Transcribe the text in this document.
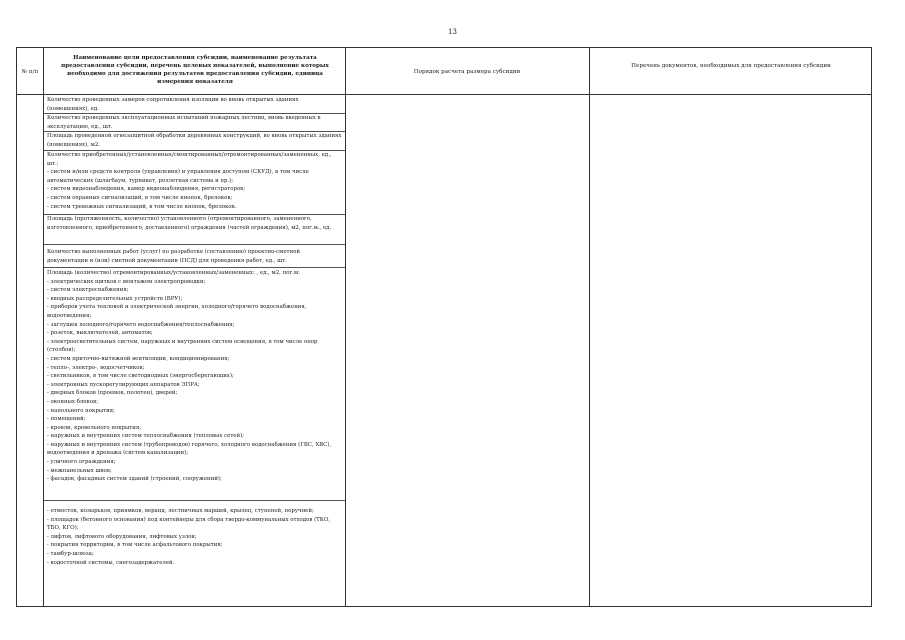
13
№ п/п
Наименование цели предоставления субсидии, наименование результата предоставления субсидии, перечень целевых показателей, выполнение которых необходимо для достижения результатов предоставления субсидии, единица измерения показателя
Порядок расчета размера субсидии
Перечень документов, необходимых для предоставления субсидии
Количество проведенных замеров сопротивления изоляции во вновь открытых зданиях (помещениях), ед.
Количество проведенных эксплуатационных испытаний пожарных лестниц, вновь введенных в эксплуатацию, ед., шт.
Площадь проведенной огнезащитной обработки деревянных конструкций, во вновь открытых зданиях (помещениях), м2.
Количество приобретенных/установленных/смонтированных/отремонтированных/замененных, ед., шт.:
- систем и/или средств контроля (управления) и управления доступом (СКУД), в том числе автоматических (шлагбаум, турникет, роллетная система и пр.);
- систем видеонаблюдения, камер видеонаблюдения, регистраторов;
- систем охранных сигнализаций, в том числе кнопок, брелоков;
- систем тревожных сигнализаций, в том числе кнопок, брелоков.
Площадь (протяженность, количество) установленного (отремонтированного, замененного, изготовленного, приобретенного, доставленного) ограждения (частей ограждения), м2, пог.м., ед.
Количество выполненных работ (услуг) по разработке (составлению) проектно-сметной документации и (или) сметной документации (ПСД) для проведения работ, ед., шт.
Площадь (количество) отремонтированных/установленных/замененных: , ед., м2, пог.м:
- электрических щитков с монтажом электропроводки;
- систем электроснабжения;
- вводных распределительных устройств (ВРУ);
- приборов учета тепловой и электрической энергии, холодного/горячего водоснабжения, водоотведения;
- заглушек холодного/горячего водоснабжения/теплоснабжения;
- розеток, выключателей, автоматов;
- электроосветительных систем, наружных и внутренних систем освещения, в том числе опор (столбов);
- систем приточно-вытяжной вентиляции, кондиционирования;
- тепло-, электро-, водосчетчиков;
- светильников, в том числе светодиодных (энергосберегающих);
- электронных пускорегулирующих аппаратов ЭПРА;
- дверных блоков (проемов, полотен), дверей;
- оконных блоков;
- напольного покрытия;
- помещений;
- кровли, кровельного покрытия;
- наружных и внутренних систем теплоснабжения (тепловых сетей);
- наружных и внутренних систем (трубопроводов) горячего, холодного водоснабжения (ГВС, ХВС), водоотведения и дренажа (систем канализации);
- уличного ограждения;
- межпанельных швов;
- фасадов, фасадных систем зданий (строений, сооружений);
- отмосток, козырьков, приямков, веранд, лестничных маршей, крылец, ступеней, поручней;
- площадок (бетонного основания) под контейнеры для сбора твердо-коммунальных отходов (ТКО, ТБО, КГО);
- лифтов, лифтового оборудования, лифтовых узлов;
- покрытия территории, в том числе асфальтового покрытия;
- тамбур-шлюза;
- водосточной системы, снегозадержателей.
